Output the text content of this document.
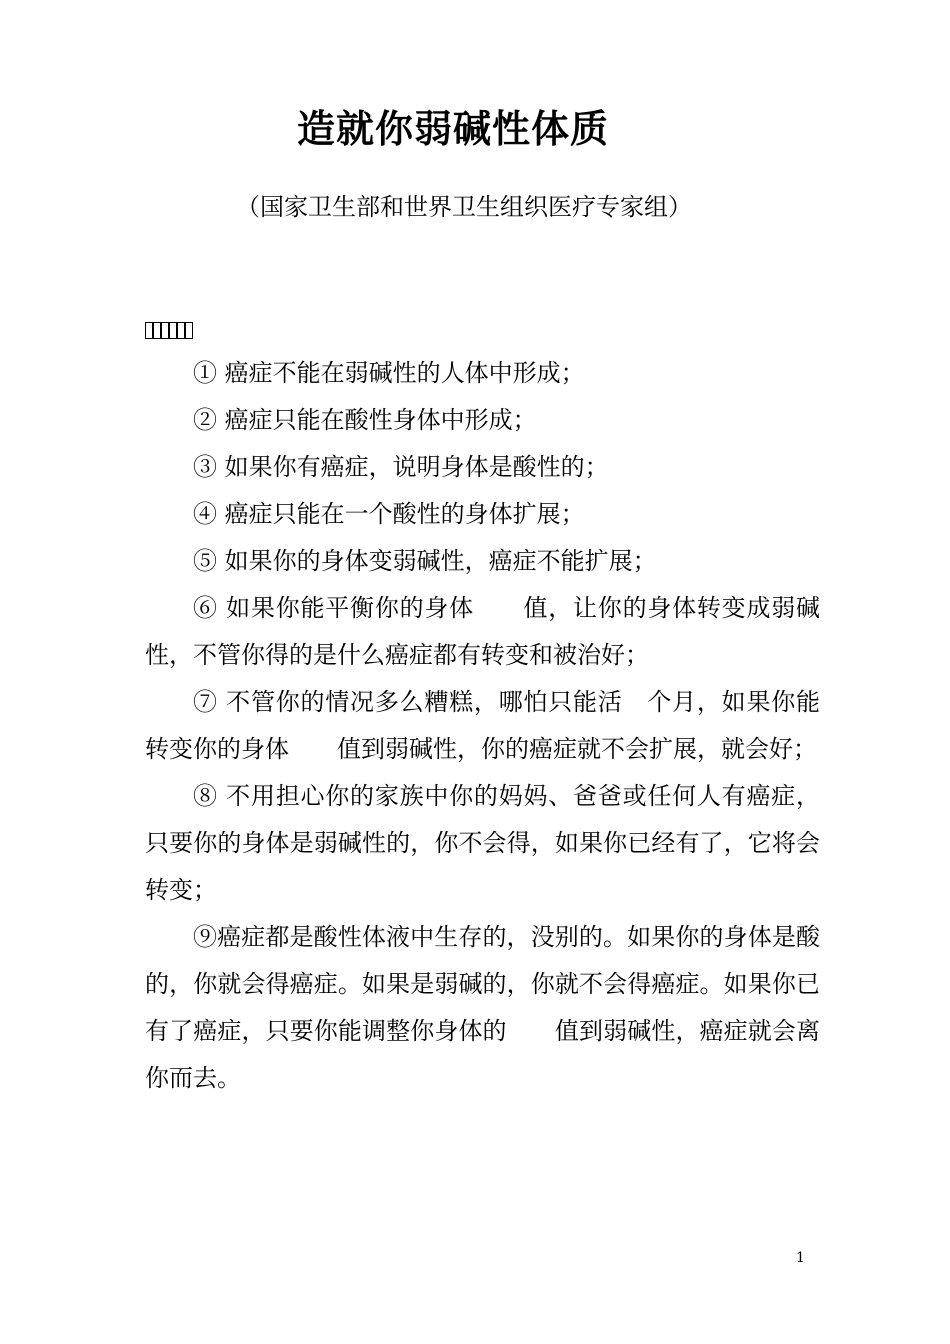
造就你弱碱性体质
（国家卫生部和世界卫生组织医疗专家组）

① 癌症不能在弱碱性的人体中形成；

② 癌症只能在酸性身体中形成；

③ 如果你有癌症，说明身体是酸性的；

④ 癌症只能在一个酸性的身体扩展；

⑤ 如果你的身体变弱碱性，癌症不能扩展；

⑥ 如果你能平衡你的身体　　值，让你的身体转变成弱碱性，不管你得的是什么癌症都有转变和被治好；

⑦ 不管你的情况多么糟糕，哪怕只能活　个月，如果你能转变你的身体　　值到弱碱性，你的癌症就不会扩展，就会好；

⑧ 不用担心你的家族中你的妈妈、爸爸或任何人有癌症，只要你的身体是弱碱性的，你不会得，如果你已经有了，它将会转变；

⑨癌症都是酸性体液中生存的，没别的。如果你的身体是酸的，你就会得癌症。如果是弱碱的，你就不会得癌症。如果你已有了癌症，只要你能调整你身体的　　值到弱碱性，癌症就会离你而去。

1
